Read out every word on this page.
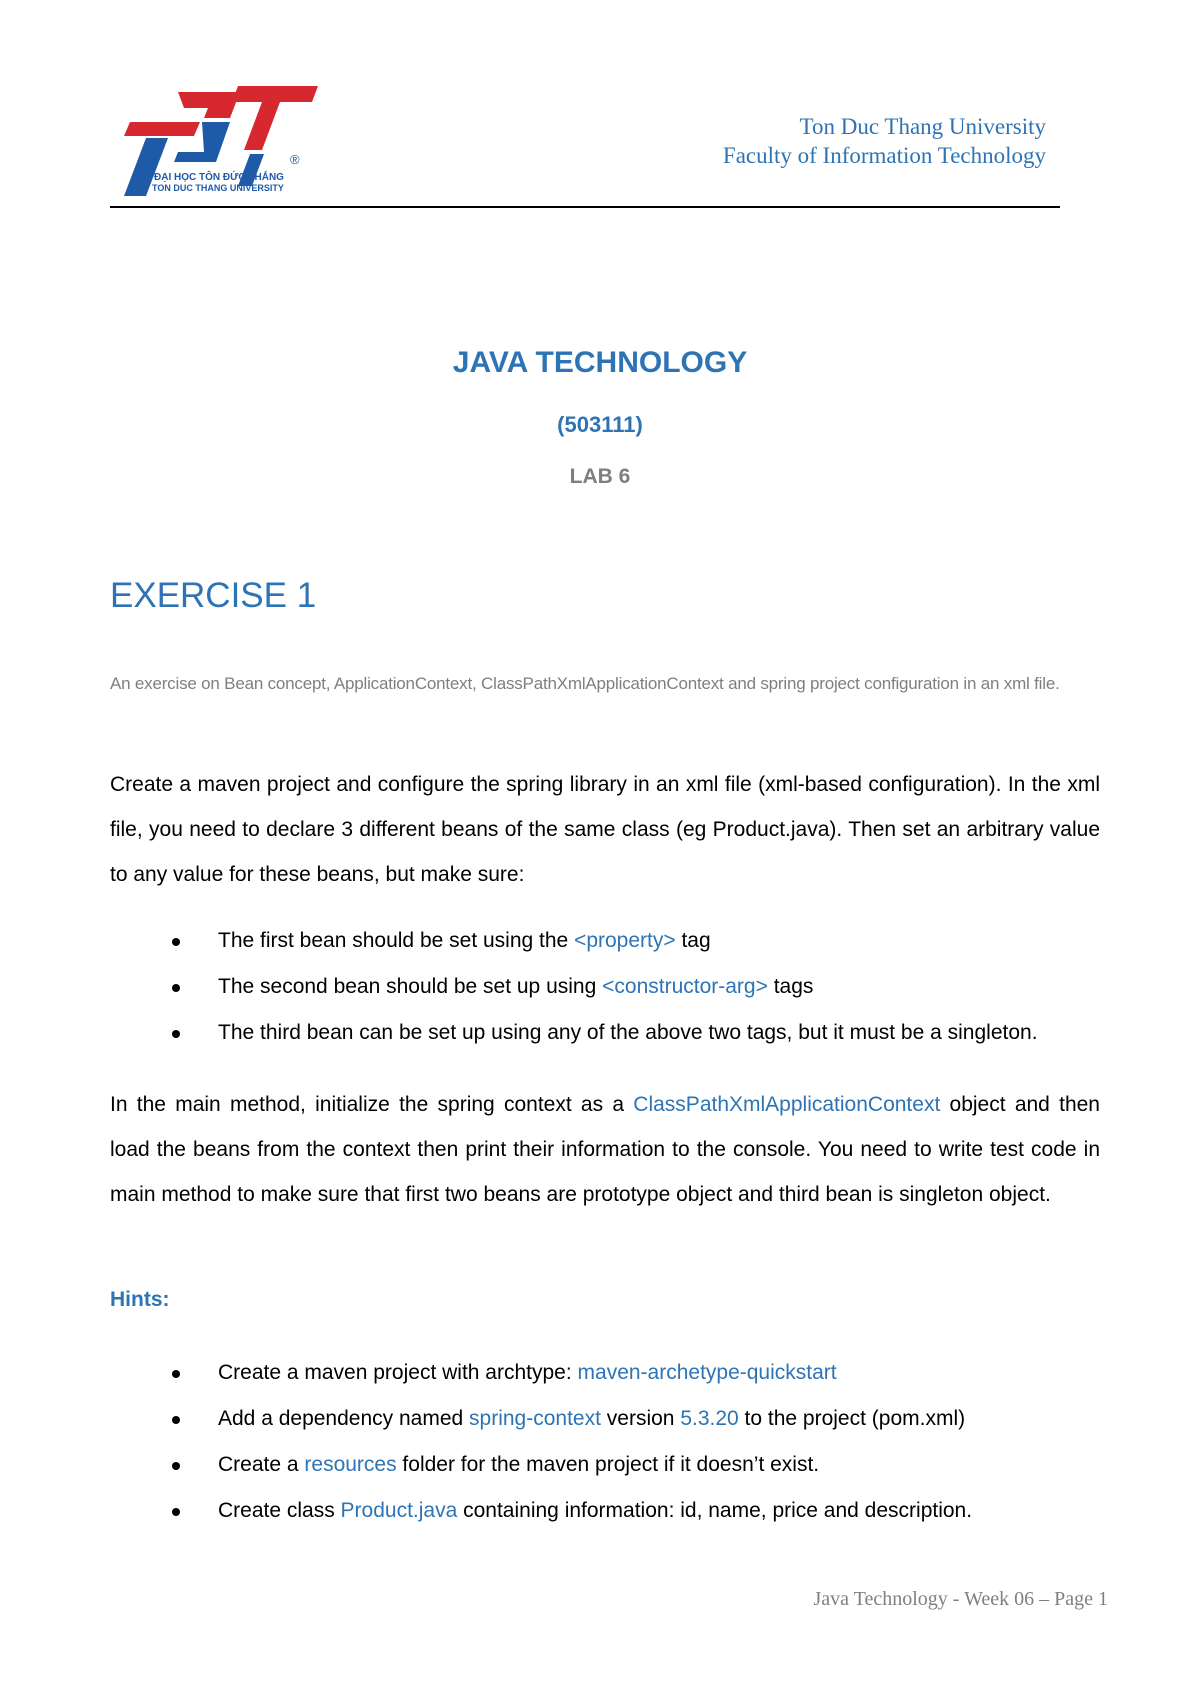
®
ĐẠI HỌC TÔN ĐỨC THẮNG
TON DUC THANG UNIVERSITY
Ton Duc Thang University
Faculty of Information Technology
JAVA TECHNOLOGY
(503111)
LAB 6
EXERCISE 1
An exercise on Bean concept, ApplicationContext, ClassPathXmlApplicationContext and spring project configuration in an xml file.
Create a maven project and configure the spring library in an xml file (xml-based configuration). In the xml file, you need to declare 3 different beans of the same class (eg Product.java). Then set an arbitrary value to any value for these beans, but make sure:
The first bean should be set using the <property> tag
The second bean should be set up using <constructor-arg> tags
The third bean can be set up using any of the above two tags, but it must be a singleton.
In the main method, initialize the spring context as a ClassPathXmlApplicationContext object and then load the beans from the context then print their information to the console. You need to write test code in main method to make sure that first two beans are prototype object and third bean is singleton object.
Hints:
Create a maven project with archtype: maven-archetype-quickstart
Add a dependency named spring-context version 5.3.20 to the project (pom.xml)
Create a resources folder for the maven project if it doesn’t exist.
Create class Product.java containing information: id, name, price and description.
Java Technology - Week 06 – Page 1
